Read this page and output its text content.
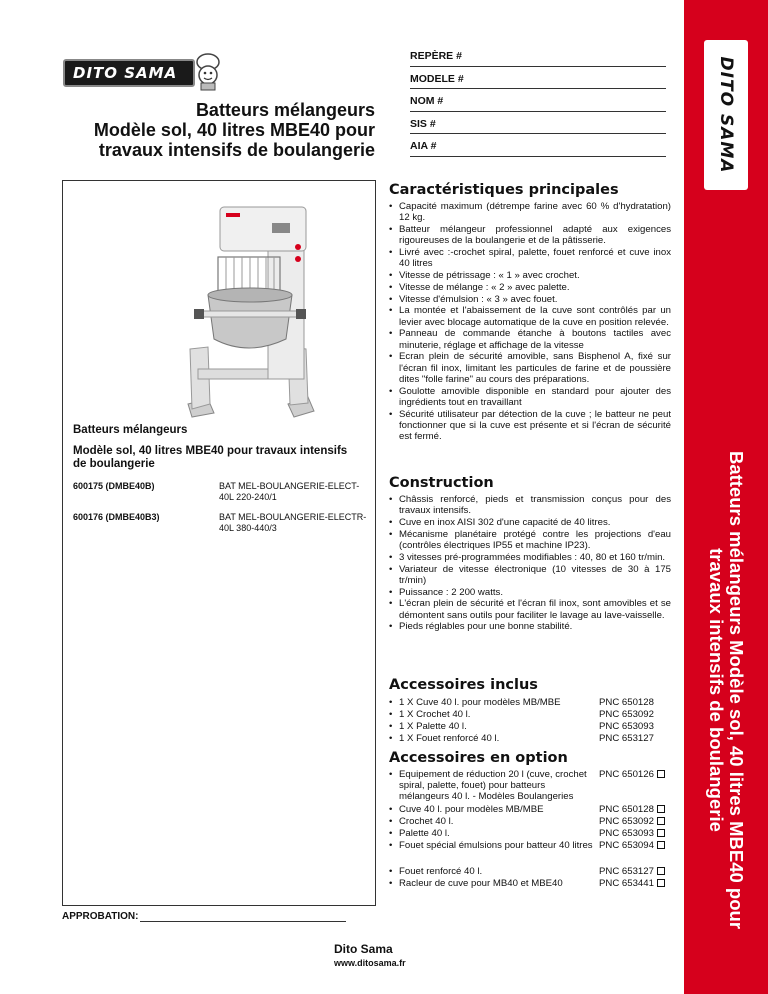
DITO SAMA
Batteurs mélangeurs Modèle sol, 40 litres MBE40 pour travaux intensifs de boulangerie
DITO SAMA
Batteurs mélangeurs
Modèle sol, 40 litres MBE40 pour
travaux intensifs de boulangerie
REPÈRE #
MODELE #
NOM #
SIS #
AIA #
Batteurs mélangeurs
Modèle sol, 40 litres MBE40 pour travaux intensifs de boulangerie
600175 (DMBE40B)	BAT MEL-BOULANGERIE-ELECT-40L 220-240/1
600176 (DMBE40B3)	BAT MEL-BOULANGERIE-ELECTR-40L 380-440/3
Caractéristiques principales
• Capacité maximum (détrempe farine avec 60 % d'hydratation) 12 kg.
• Batteur mélangeur professionnel adapté aux exigences rigoureuses de la boulangerie et de la pâtisserie.
• Livré avec :-crochet spiral, palette, fouet renforcé et cuve inox 40 litres
• Vitesse de pétrissage : « 1 » avec crochet.
• Vitesse de mélange : « 2 » avec palette.
• Vitesse d'émulsion : « 3 » avec fouet.
• La montée et l'abaissement de la cuve sont contrôlés par un levier avec blocage automatique de la cuve en position relevée.
• Panneau de commande étanche à boutons tactiles avec minuterie, réglage et affichage de la vitesse
• Ecran plein de sécurité amovible, sans Bisphenol A, fixé sur l'écran fil inox, limitant les particules de farine et de poussière dites "folle farine" au cours des préparations.
• Goulotte amovible disponible en standard pour ajouter des ingrédients tout en travaillant
• Sécurité utilisateur par détection de la cuve ; le batteur ne peut fonctionner que si la cuve est présente et si l'écran de sécurité est fermé.
Construction
• Châssis renforcé, pieds et transmission conçus pour des travaux intensifs.
• Cuve en inox AISI 302 d'une capacité de 40 litres.
• Mécanisme planétaire protégé contre les projections d'eau (contrôles électriques IP55 et machine IP23).
• 3 vitesses pré-programmées modifiables : 40, 80 et 160 tr/min.
• Variateur de vitesse électronique (10 vitesses de 30 à 175 tr/min)
• Puissance : 2 200 watts.
• L'écran plein de sécurité et l'écran fil inox, sont amovibles et se démontent sans outils pour faciliter le lavage au lave-vaisselle.
• Pieds réglables pour une bonne stabilité.
Accessoires inclus
• 1 X Cuve 40 l. pour modèles MB/MBE	PNC 650128
• 1 X Crochet 40 l.	PNC 653092
• 1 X Palette 40 l.	PNC 653093
• 1 X Fouet renforcé 40 l.	PNC 653127
Accessoires en option
• Equipement de réduction 20 l (cuve, crochet spiral, palette, fouet) pour batteurs mélangeurs 40 l. - Modèles Boulangeries
PNC 650126
• Cuve 40 l. pour modèles MB/MBE	PNC 650128
• Crochet 40 l.	PNC 653092
• Palette 40 l.	PNC 653093
• Fouet spécial émulsions pour batteur 40 litres PNC 653094
• Fouet renforcé 40 l.	PNC 653127
• Racleur de cuve pour MB40 et MBE40	PNC 653441
APPROBATION:
Dito Sama
www.ditosama.fr
